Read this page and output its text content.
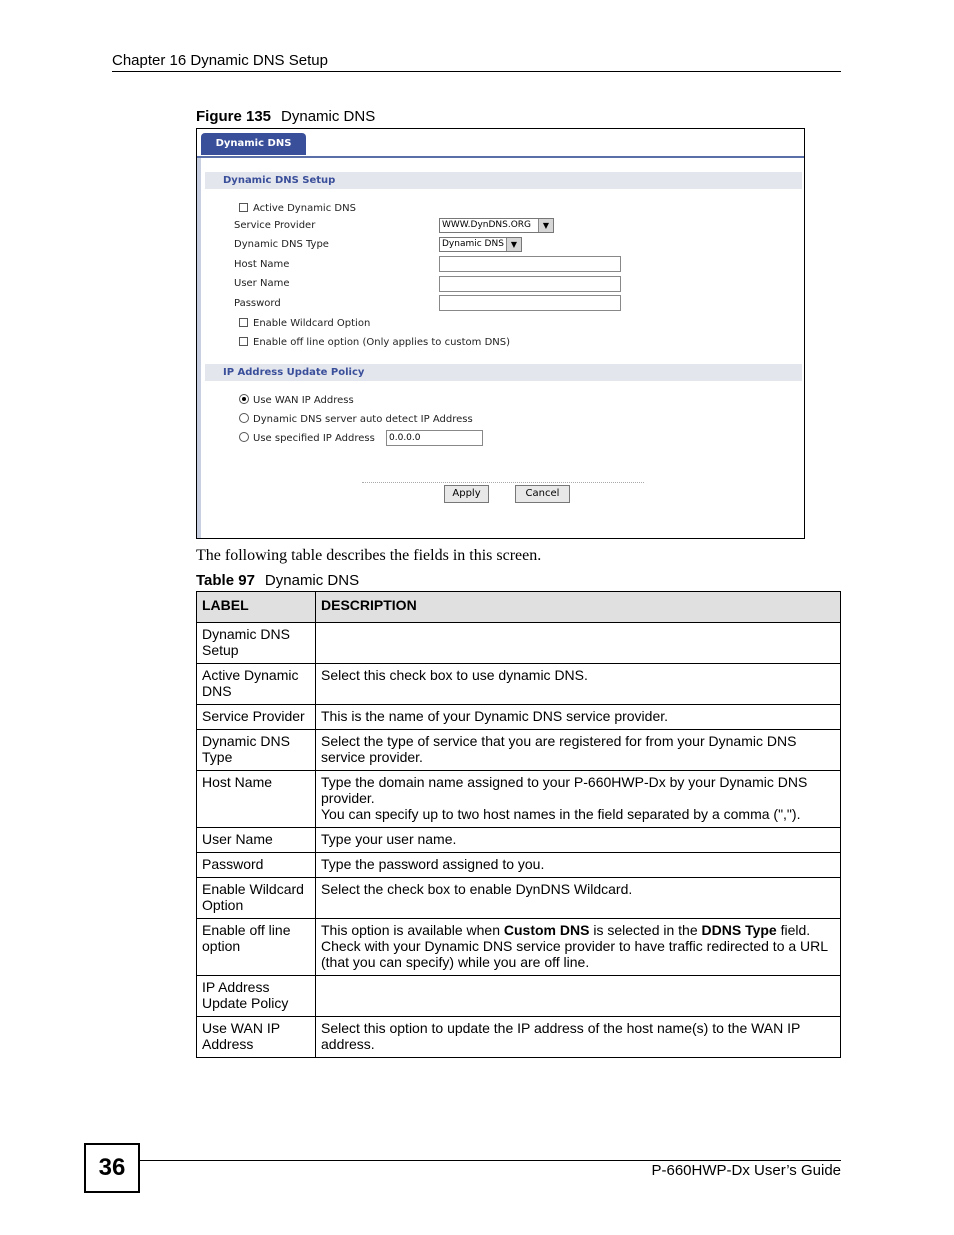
Chapter 16 Dynamic DNS Setup
Figure 135 Dynamic DNS
Dynamic DNS
Dynamic DNS Setup
Active Dynamic DNS
Service Provider	WWW.DynDNS.ORG	▼
Dynamic DNS Type	Dynamic DNS ▼
Host Name
User Name
Password
Enable Wildcard Option
Enable off line option (Only applies to custom DNS)
IP Address Update Policy
Use WAN IP Address
Dynamic DNS server auto detect IP Address
Use specified IP Address	0.0.0.0
Apply	Cancel
The following table describes the fields in this screen.
Table 97 Dynamic DNS
LABEL	DESCRIPTION
Dynamic DNS Setup	
Active Dynamic DNS	Select this check box to use dynamic DNS.
Service Provider	This is the name of your Dynamic DNS service provider.
Dynamic DNS Type	Select the type of service that you are registered for from your Dynamic DNS service provider.
Host Name	Type the domain name assigned to your P-660HWP-Dx by your Dynamic DNS provider.

You can specify up to two host names in the field separated by a comma (",").

User Name	Type your user name.
Password	Type the password assigned to you.
Enable Wildcard Option	Select the check box to enable DynDNS Wildcard.
Enable off line option	This option is available when Custom DNS is selected in the DDNS Type field. Check with your Dynamic DNS service provider to have traffic redirected to a URL (that you can specify) while you are off line.
IP Address Update Policy	
Use WAN IP Address	Select this option to update the IP address of the host name(s) to the WAN IP address.
36	P-660HWP-Dx User’s Guide
